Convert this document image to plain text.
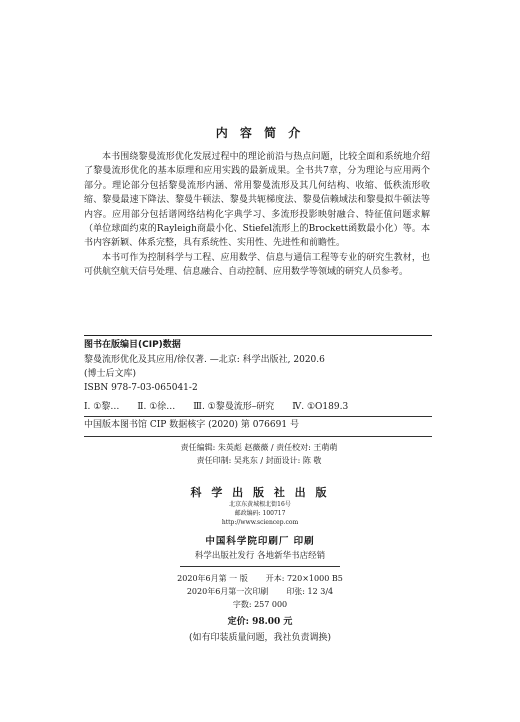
内 容 简 介

本书围绕黎曼流形优化发展过程中的理论前沿与热点问题，比较全面和系统地介绍了黎曼流形优化的基本原理和应用实践的最新成果。全书共7章，分为理论与应用两个部分。理论部分包括黎曼流形内涵、常用黎曼流形及其几何结构、收缩、低秩流形收缩、黎曼最速下降法、黎曼牛顿法、黎曼共轭梯度法、黎曼信赖域法和黎曼拟牛顿法等内容。应用部分包括谱网络结构化字典学习、多流形投影映射融合、特征值问题求解（单位球面约束的Rayleigh商最小化、Stiefel流形上的Brockett函数最小化）等。本书内容新颖、体系完整，具有系统性、实用性、先进性和前瞻性。

本书可作为控制科学与工程、应用数学、信息与通信工程等专业的研究生教材，也可供航空航天信号处理、信息融合、自动控制、应用数学等领域的研究人员参考。

图书在版编目(CIP)数据
黎曼流形优化及其应用/徐仅著. —北京: 科学出版社, 2020.6
(博士后文库)
ISBN 978-7-03-065041-2
Ⅰ. ①黎… Ⅱ. ①徐… Ⅲ. ①黎曼流形–研究 Ⅳ. ①O189.3
中国版本图书馆 CIP 数据核字 (2020) 第 076691 号
责任编辑: 朱英彪 赵薇薇 / 责任校对: 王萌萌
责任印制: 吴兆东 / 封面设计: 陈 敬
科 学 出 版 社 出 版
北京东黄城根北街16号
邮政编码: 100717
http://www.sciencep.com
中国科学院印刷厂 印刷
科学出版社发行 各地新华书店经销
2020年6月第 一 版 开本: 720×1000 B5
2020年6月第一次印刷 印张: 12 3/4
字数: 257 000
定价: 98.00 元
(如有印装质量问题，我社负责调换)
